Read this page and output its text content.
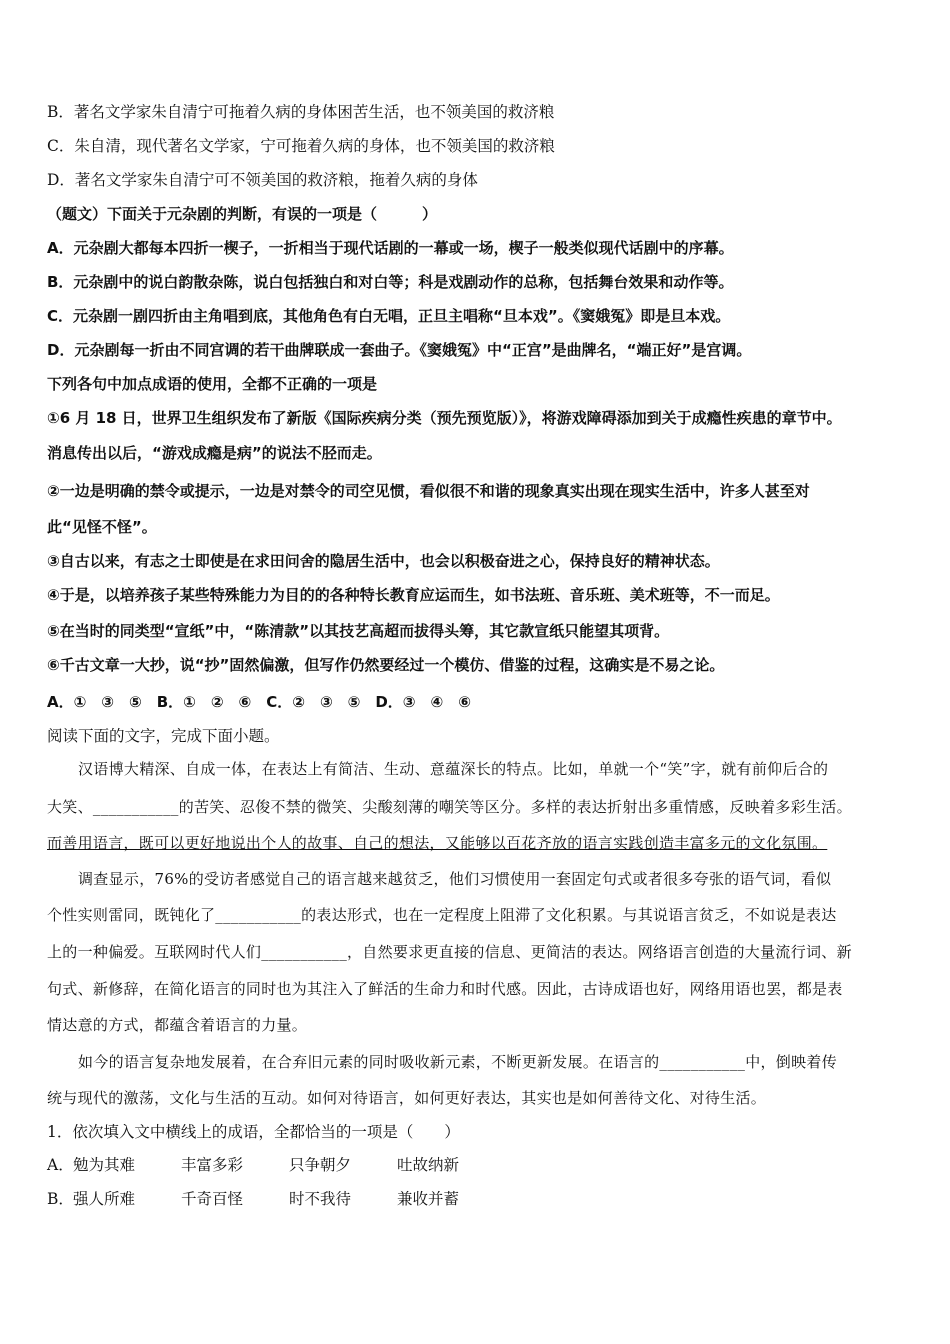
B．著名文学家朱自清宁可拖着久病的身体困苦生活，也不领美国的救济粮
C．朱自清，现代著名文学家，宁可拖着久病的身体，也不领美国的救济粮
D．著名文学家朱自清宁可不领美国的救济粮，拖着久病的身体
（题文）下面关于元杂剧的判断，有误的一项是（　　　）
A．元杂剧大都每本四折一楔子，一折相当于现代话剧的一幕或一场，楔子一般类似现代话剧中的序幕。
B．元杂剧中的说白韵散杂陈，说白包括独白和对白等；科是戏剧动作的总称，包括舞台效果和动作等。
C．元杂剧一剧四折由主角唱到底，其他角色有白无唱，正旦主唱称“旦本戏”。《窦娥冤》即是旦本戏。
D．元杂剧每一折由不同宫调的若干曲牌联成一套曲子。《窦娥冤》中“正宫”是曲牌名，“端正好”是宫调。
下列各句中加点成语的使用，全都不正确的一项是
①6 月 18 日，世界卫生组织发布了新版《国际疾病分类（预先预览版）》，将游戏障碍添加到关于成瘾性疾患的章节中。
消息传出以后，“游戏成瘾是病”的说法不胫而走。
②一边是明确的禁令或提示，一边是对禁令的司空见惯，看似很不和谐的现象真实出现在现实生活中，许多人甚至对
此“见怪不怪”。
③自古以来，有志之士即使是在求田问舍的隐居生活中，也会以积极奋进之心，保持良好的精神状态。
④于是，以培养孩子某些特殊能力为目的的各种特长教育应运而生，如书法班、音乐班、美术班等，不一而足。
⑤在当时的同类型“宣纸”中，“陈清款”以其技艺高超而拔得头筹，其它款宣纸只能望其项背。
⑥千古文章一大抄，说“抄”固然偏激，但写作仍然要经过一个模仿、借鉴的过程，这确实是不易之论。
A．①　③　⑤　B．①　②　⑥　C．②　③　⑤　D．③　④　⑥
阅读下面的文字，完成下面小题。
汉语博大精深、自成一体，在表达上有简洁、生动、意蕴深长的特点。比如，单就一个“笑”字，就有前仰后合的
大笑、___________的苦笑、忍俊不禁的微笑、尖酸刻薄的嘲笑等区分。多样的表达折射出多重情感，反映着多彩生活。
而善用语言，既可以更好地说出个人的故事、自己的想法，又能够以百花齐放的语言实践创造丰富多元的文化氛围。
调查显示，76%的受访者感觉自己的语言越来越贫乏，他们习惯使用一套固定句式或者很多夸张的语气词，看似
个性实则雷同，既钝化了___________的表达形式，也在一定程度上阻滞了文化积累。与其说语言贫乏，不如说是表达
上的一种偏爱。互联网时代人们___________，自然要求更直接的信息、更简洁的表达。网络语言创造的大量流行词、新
句式、新修辞，在简化语言的同时也为其注入了鲜活的生命力和时代感。因此，古诗成语也好，网络用语也罢，都是表
情达意的方式，都蕴含着语言的力量。
如今的语言复杂地发展着，在合弃旧元素的同时吸收新元素，不断更新发展。在语言的___________中，倒映着传
统与现代的激荡，文化与生活的互动。如何对待语言，如何更好表达，其实也是如何善待文化、对待生活。
1．依次填入文中横线上的成语，全都恰当的一项是（　　）
A．勉为其难	丰富多彩	只争朝夕	吐故纳新
B．强人所难	千奇百怪	时不我待	兼收并蓄
